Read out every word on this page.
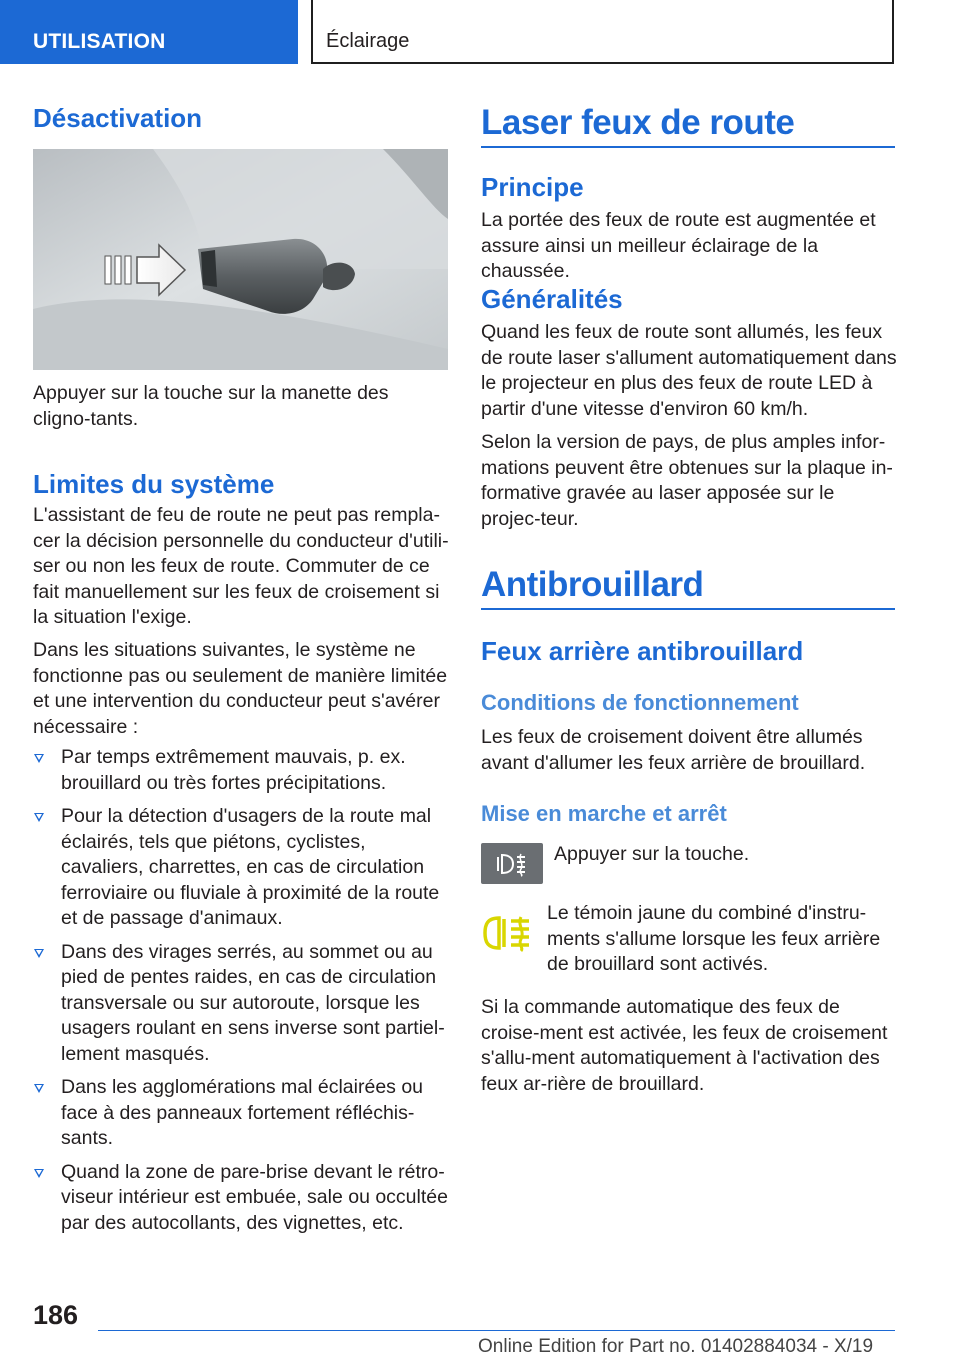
UTILISATION	Éclairage
Désactivation

Appuyer sur la touche sur la manette des cligno-tants.

Limites du système

L'assistant de feu de route ne peut pas rempla-cer la décision personnelle du conducteur d'utili-ser ou non les feux de route. Commuter de ce fait manuellement sur les feux de croisement si la situation l'exige.

Dans les situations suivantes, le système ne fonctionne pas ou seulement de manière limitée et une intervention du conducteur peut s'avérer nécessaire :

Par temps extrêmement mauvais, p. ex. brouillard ou très fortes précipitations.
Pour la détection d'usagers de la route mal éclairés, tels que piétons, cyclistes, cavaliers, charrettes, en cas de circulation ferroviaire ou fluviale à proximité de la route et de passage d'animaux.
Dans des virages serrés, au sommet ou au pied de pentes raides, en cas de circulation transversale ou sur autoroute, lorsque les usagers roulant en sens inverse sont partiel-lement masqués.
Dans les agglomérations mal éclairées ou face à des panneaux fortement réfléchis-sants.
Quand la zone de pare-brise devant le rétro-viseur intérieur est embuée, sale ou occultée par des autocollants, des vignettes, etc.
Laser feux de route
Principe

La portée des feux de route est augmentée et assure ainsi un meilleur éclairage de la chaussée.

Généralités

Quand les feux de route sont allumés, les feux de route laser s'allument automatiquement dans le projecteur en plus des feux de route LED à partir d'une vitesse d'environ 60 km/h.

Selon la version de pays, de plus amples infor-mations peuvent être obtenues sur la plaque in-formative gravée au laser apposée sur le projec-teur.

Antibrouillard
Feux arrière antibrouillard
Conditions de fonctionnement

Les feux de croisement doivent être allumés avant d'allumer les feux arrière de brouillard.

Mise en marche et arrêt

Appuyer sur la touche.

Le témoin jaune du combiné d'instru-ments s'allume lorsque les feux arrière de brouillard sont activés.

Si la commande automatique des feux de croise-ment est activée, les feux de croisement s'allu-ment automatiquement à l'activation des feux ar-rière de brouillard.

186
Online Edition for Part no. 01402884034 - X/19
